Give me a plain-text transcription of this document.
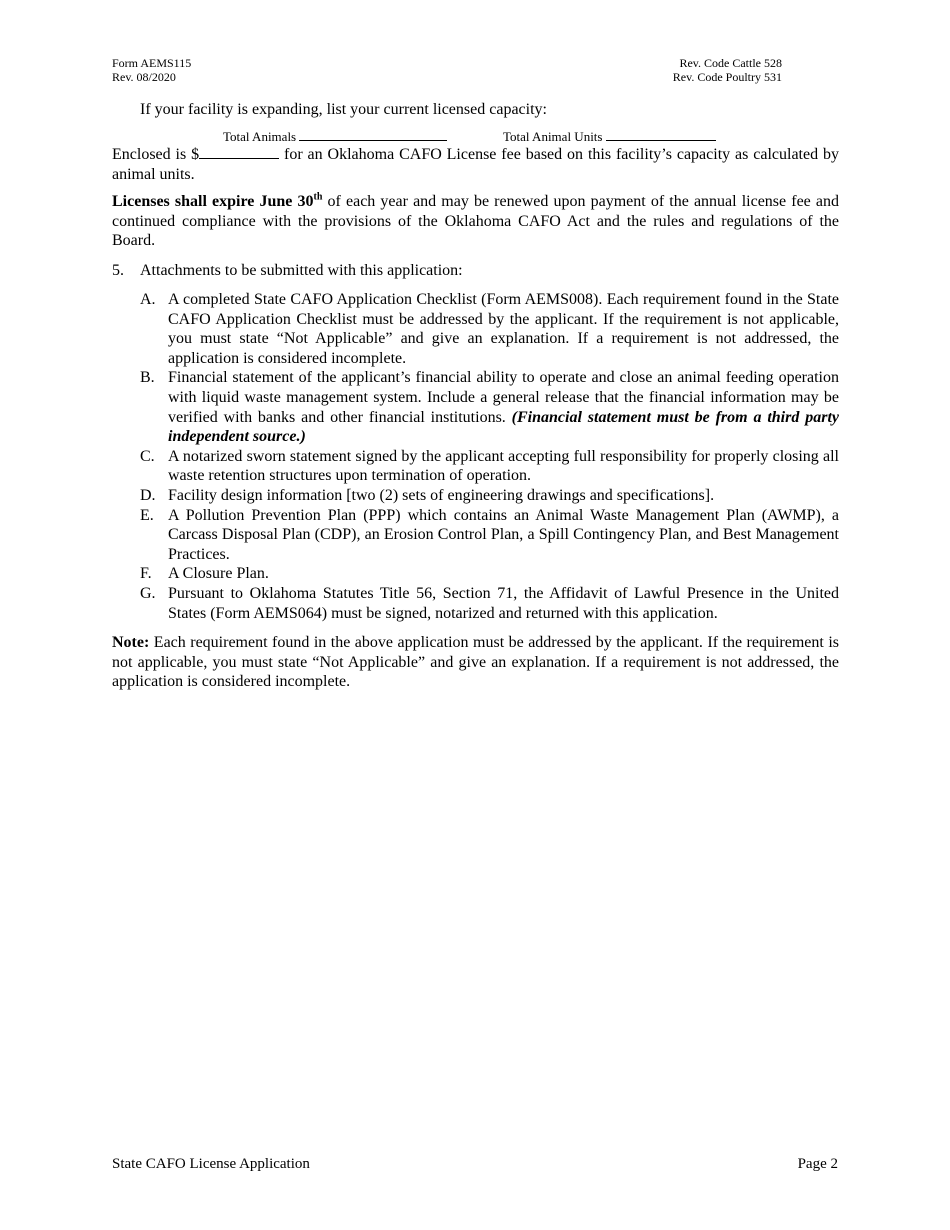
Form AEMS115
Rev. 08/2020
Rev. Code Cattle 528
Rev. Code Poultry 531
If your facility is expanding, list your current licensed capacity:
Total Animals	Total Animal Units
Enclosed is $	for an Oklahoma CAFO License fee based on this facility’s capacity as calculated by animal units.
Licenses shall expire June 30th of each year and may be renewed upon payment of the annual license fee and continued compliance with the provisions of the Oklahoma CAFO Act and the rules and regulations of the Board.
5. Attachments to be submitted with this application:
A. A completed State CAFO Application Checklist (Form AEMS008). Each requirement found in the State CAFO Application Checklist must be addressed by the applicant. If the requirement is not applicable, you must state “Not Applicable” and give an explanation. If a requirement is not addressed, the application is considered incomplete.
B. Financial statement of the applicant’s financial ability to operate and close an animal feeding operation with liquid waste management system. Include a general release that the financial information may be verified with banks and other financial institutions. (Financial statement must be from a third party independent source.)
C. A notarized sworn statement signed by the applicant accepting full responsibility for properly closing all waste retention structures upon termination of operation.
D. Facility design information [two (2) sets of engineering drawings and specifications].
E. A Pollution Prevention Plan (PPP) which contains an Animal Waste Management Plan (AWMP), a Carcass Disposal Plan (CDP), an Erosion Control Plan, a Spill Contingency Plan, and Best Management Practices.
F. A Closure Plan.
G. Pursuant to Oklahoma Statutes Title 56, Section 71, the Affidavit of Lawful Presence in the United States (Form AEMS064) must be signed, notarized and returned with this application.
Note: Each requirement found in the above application must be addressed by the applicant. If the requirement is not applicable, you must state “Not Applicable” and give an explanation. If a requirement is not addressed, the application is considered incomplete.
State CAFO License Application	Page 2
